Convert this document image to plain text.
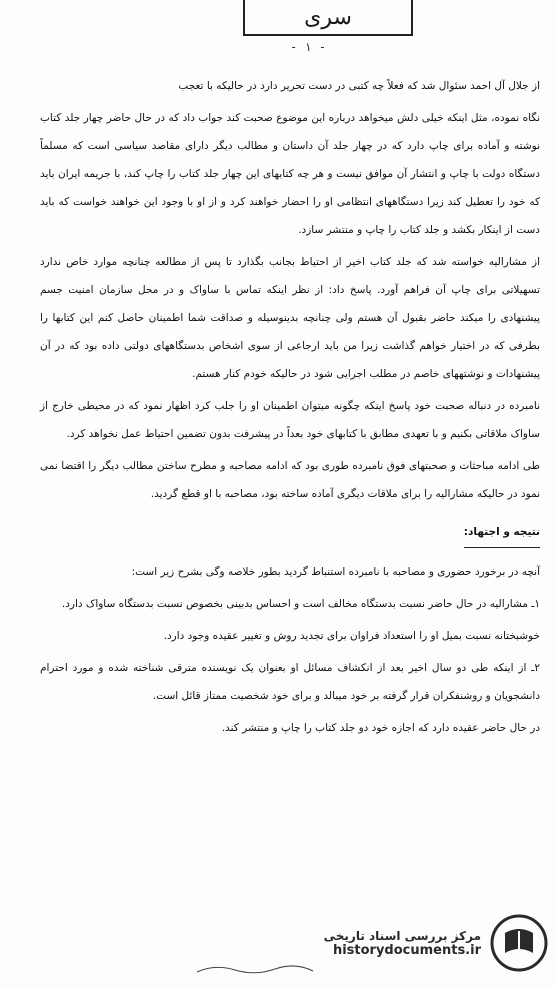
سری
- ۱ -

از جلال آل احمد سئوال شد که فعلاً چه کتبی در دست تحریر دارد در حالیکه با تعجب

نگاه نموده، مثل اینکه خیلی دلش میخواهد درباره این موضوع صحبت کند جواب داد که در حال حاضر چهار جلد کتاب نوشته و آماده برای چاپ دارد که در چهار جلد آن داستان و مطالب دیگر دارای مقاصد سیاسی است که مسلماً دستگاه دولت با چاپ و انتشار آن موافق نیست و هر چه کتابهای این چهار جلد کتاب را چاپ کند، با جریمه ایران باید که خود را تعطیل کند زیرا دستگاههای انتظامی او را احضار خواهند کرد و از او با وجود این خواهند خواست که باید دست از اینکار بکشد و جلد کتاب را چاپ و منتشر سازد.

از مشارالیه خواسته شد که جلد کتاب اخیر از احتیاط بجانب بگذارد تا پس از مطالعه چنانچه موارد خاص ندارد تسهیلاتی برای چاپ آن فراهم آورد. پاسخ داد: از نظر اینکه تماس با ساواک و در محل سازمان امنیت جسم پیشنهادی را میکند حاضر بقبول آن هستم ولی چنانچه بدینوسیله و صداقت شما اطمینان حاصل کنم این کتابها را بطرفی که در اختیار خواهم گذاشت زیرا من باید ارجاعی از سوی اشخاص بدستگاههای دولتی داده بود که در آن پیشنهادات و نوشتههای خاصم در مطلب اجرایی شود در حالیکه خودم کنار هستم.

نامبرده در دنباله صحبت خود پاسخ اینکه چگونه میتوان اطمینان او را جلب کرد اظهار نمود که در محیطی خارج از ساواک ملاقاتی بکنیم و با تعهدی مطابق با کتابهای خود بعداً در پیشرفت بدون تضمین احتیاط عمل نخواهد کرد.

طی ادامه مباحثات و صحبتهای فوق نامبرده طوری بود که ادامه مصاحبه و مطرح ساختن مطالب دیگر را اقتضا نمی نمود در حالیکه مشارالیه را برای ملاقات دیگری آماده ساخته بود، مصاحبه با او قطع گردید.

نتیجه و اجتهاد:

آنچه در برخورد حضوری و مصاحبه با نامبرده استنباط گردید بطور خلاصه وگی بشرح زیر است:

۱ـ مشارالیه در حال حاضر نسبت بدستگاه مخالف است و احساس بدبینی بخصوص نسبت بدستگاه ساواک دارد.

خوشبختانه نسبت بمیل او را استعداد فراوان برای تجدید روش و تغییر عقیده وجود دارد.

۲ـ از اینکه طی دو سال اخیر بعد از انکشاف مسائل او بعنوان یک نویسنده مترقی شناخته شده و مورد احترام دانشجویان و روشنفکران قرار گرفته بر خود میبالد و برای خود شخصیت ممتاز قائل است.

در حال حاضر عقیده دارد که اجازه خود دو جلد کتاب را چاپ و منتشر کند.

مرکز بررسی اسناد تاریخی
historydocuments.ir
